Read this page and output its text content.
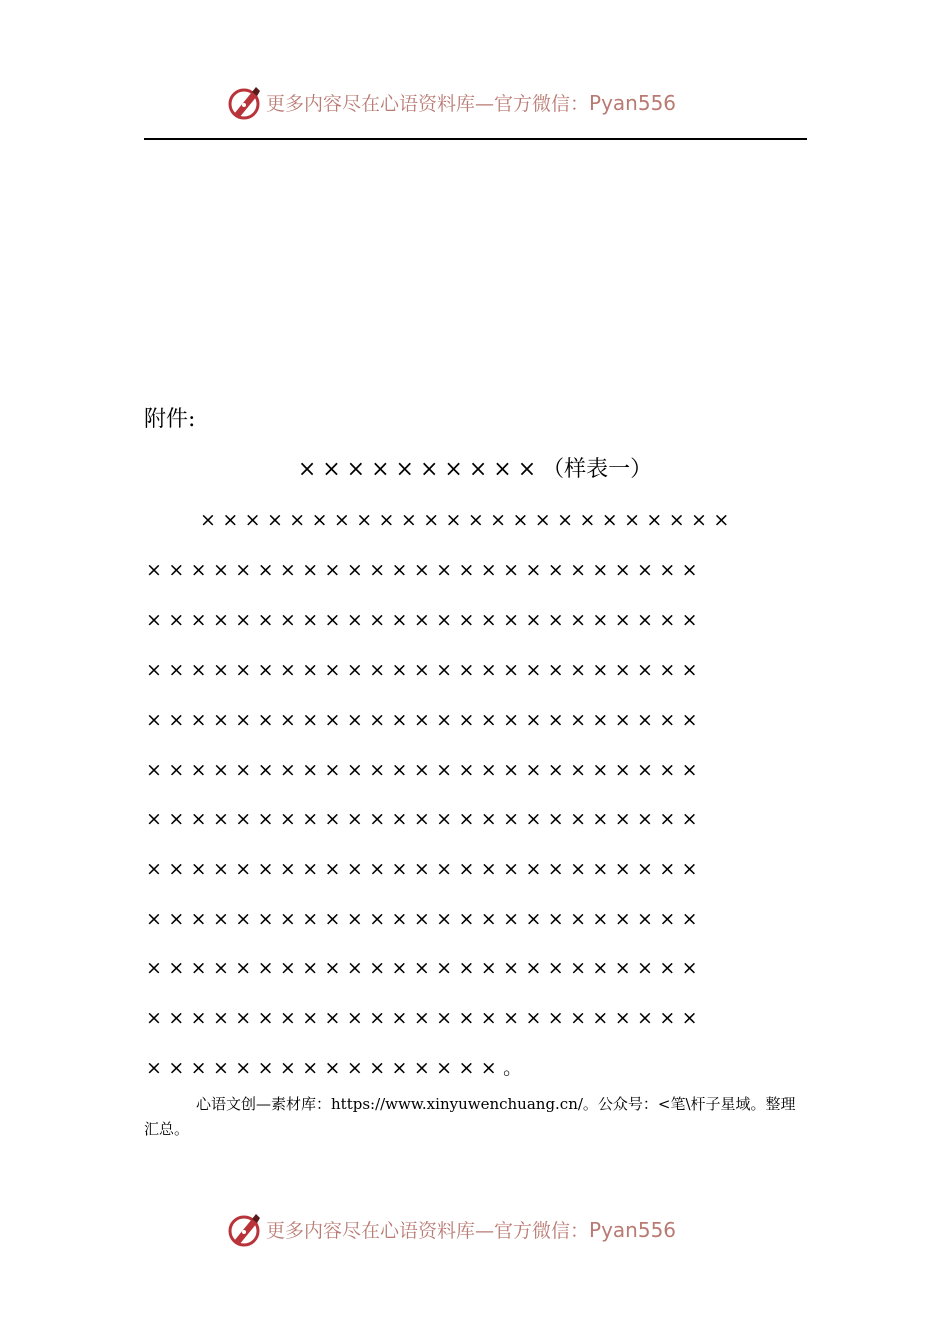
更多内容尽在心语资料库—官方微信：Pyan556
附件:
××××××××××（样表一）
××××××××××××××××××××××××
×××××××××××××××××××××××××
×××××××××××××××××××××××××
×××××××××××××××××××××××××
×××××××××××××××××××××××××
×××××××××××××××××××××××××
×××××××××××××××××××××××××
×××××××××××××××××××××××××
×××××××××××××××××××××××××
×××××××××××××××××××××××××
×××××××××××××××××××××××××
××××××××××××××××。
心语文创—素材库：https://www.xinyuwenchuang.cn/。公众号：<笔\杆子星域。整理汇总。
更多内容尽在心语资料库—官方微信：Pyan556
